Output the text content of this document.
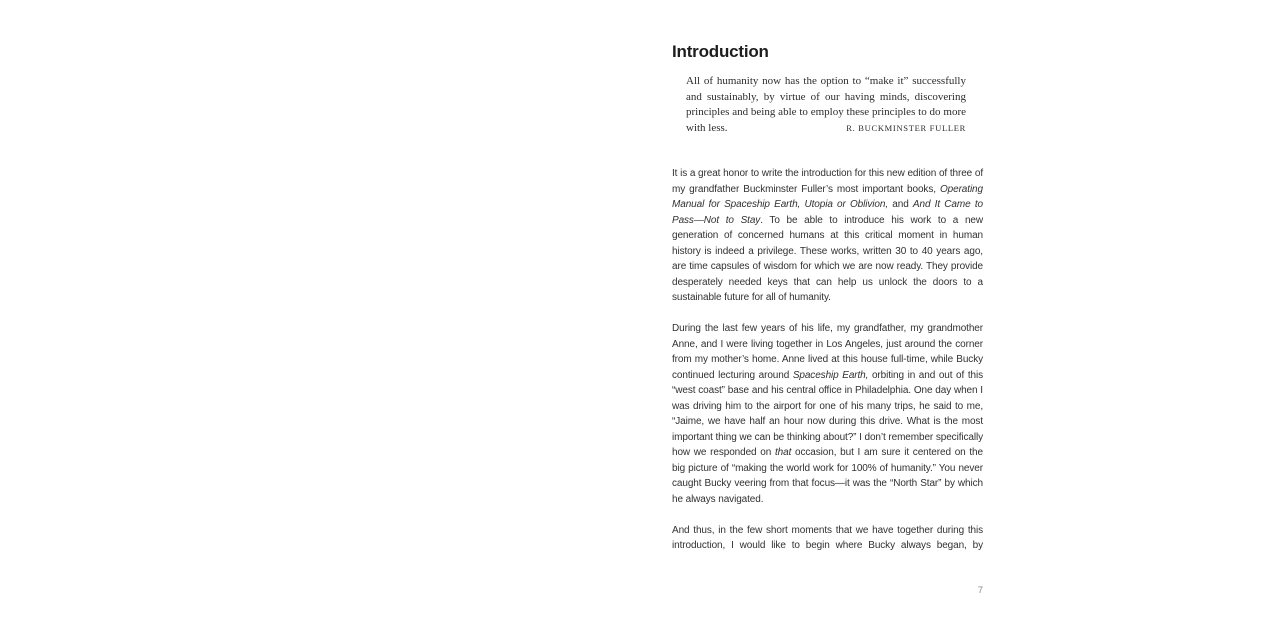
Introduction

All of humanity now has the option to “make it” successfully and sustainably, by virtue of our having minds, discovering principles and being able to employ these principles to do more with less.	R. BUCKMINSTER FULLER

It is a great honor to write the introduction for this new edition of three of my grandfather Buckminster Fuller’s most important books, Operating Manual for Spaceship Earth, Utopia or Oblivion, and And It Came to Pass—Not to Stay. To be able to introduce his work to a new generation of concerned humans at this critical moment in human history is indeed a privilege. These works, written 30 to 40 years ago, are time capsules of wisdom for which we are now ready. They provide desperately needed keys that can help us unlock the doors to a sustainable future for all of humanity.

During the last few years of his life, my grandfather, my grandmother Anne, and I were living together in Los Angeles, just around the corner from my mother’s home. Anne lived at this house full-time, while Bucky continued lecturing around Spaceship Earth, orbiting in and out of this “west coast” base and his central office in Philadelphia. One day when I was driving him to the airport for one of his many trips, he said to me, “Jaime, we have half an hour now during this drive. What is the most important thing we can be thinking about?” I don’t remember specifically how we responded on that occasion, but I am sure it centered on the big picture of “making the world work for 100% of humanity.” You never caught Bucky veering from that focus—it was the “North Star” by which he always navigated.

And thus, in the few short moments that we have together during this introduction, I would like to begin where Bucky always began, by

7
